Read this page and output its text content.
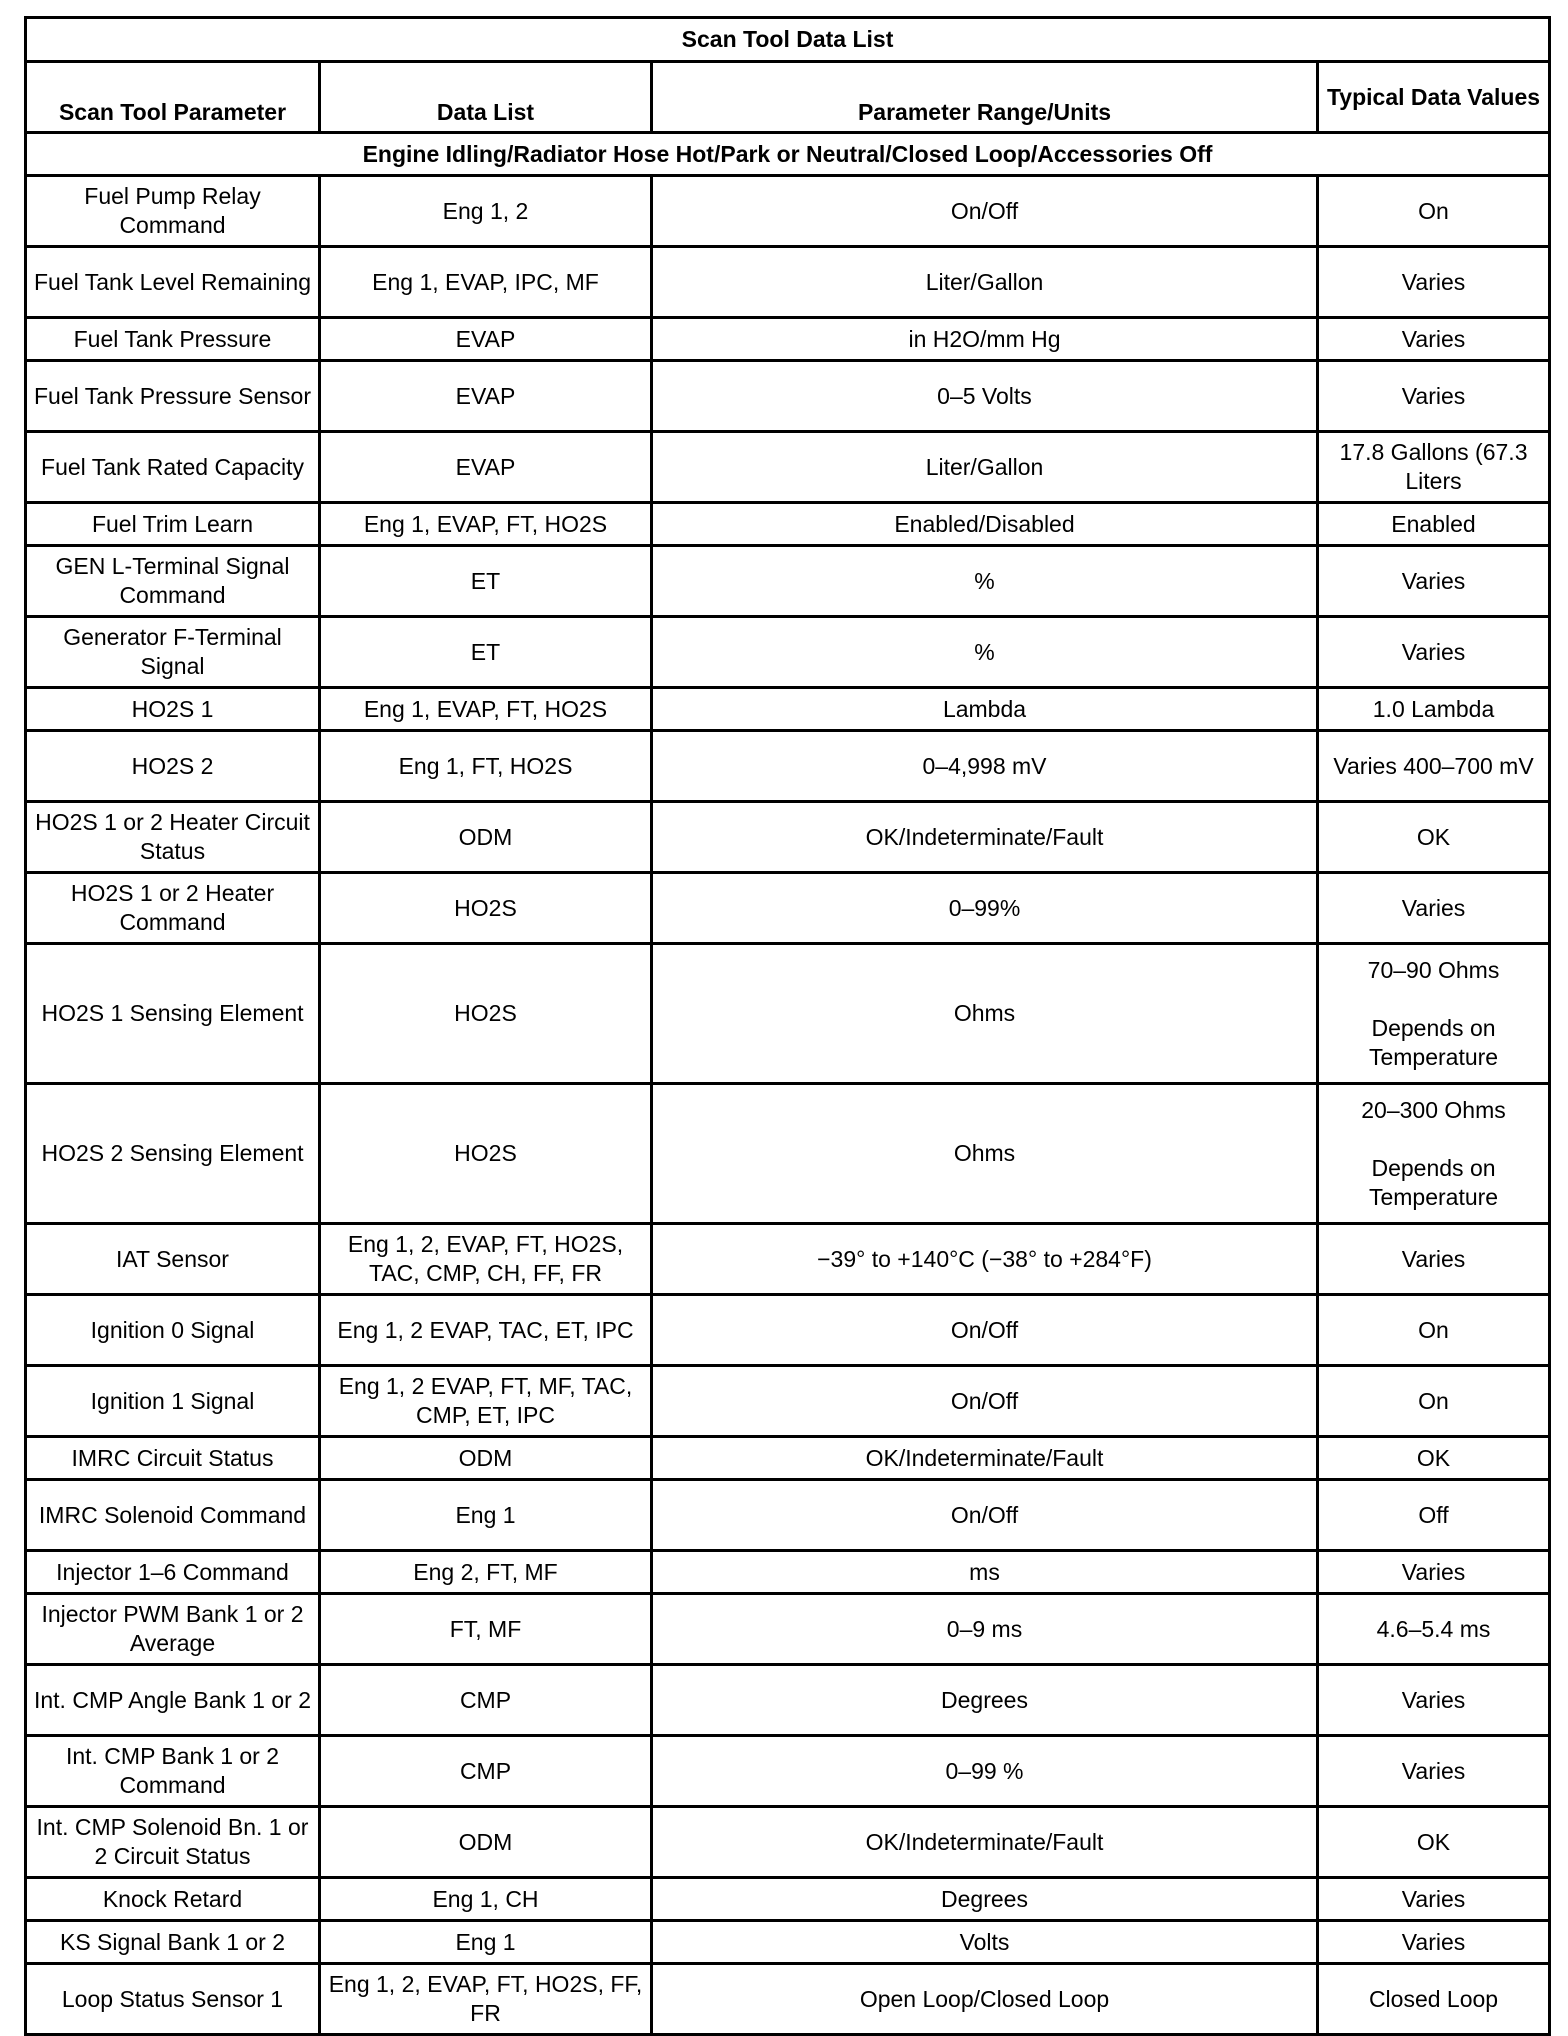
Scan Tool Data List			
Scan Tool Parameter	Data List	Parameter Range/Units	Typical Data Values
Engine Idling/Radiator Hose Hot/Park or Neutral/Closed Loop/Accessories Off			
Fuel Pump Relay Command	Eng 1, 2	On/Off	On
Fuel Tank Level Remaining	Eng 1, EVAP, IPC, MF	Liter/Gallon	Varies
Fuel Tank Pressure	EVAP	in H2O/mm Hg	Varies
Fuel Tank Pressure Sensor	EVAP	0–5 Volts	Varies
Fuel Tank Rated Capacity	EVAP	Liter/Gallon	17.8 Gallons (67.3 Liters
Fuel Trim Learn	Eng 1, EVAP, FT, HO2S	Enabled/Disabled	Enabled
GEN L-Terminal Signal Command	ET	%	Varies
Generator F-Terminal Signal	ET	%	Varies
HO2S 1	Eng 1, EVAP, FT, HO2S	Lambda	1.0 Lambda
HO2S 2	Eng 1, FT, HO2S	0–4,998 mV	Varies 400–700 mV
HO2S 1 or 2 Heater Circuit Status	ODM	OK/Indeterminate/Fault	OK
HO2S 1 or 2 Heater Command	HO2S	0–99%	Varies
HO2S 1 Sensing Element	HO2S	Ohms	70–90 Ohms
Depends on Temperature

HO2S 2 Sensing Element	HO2S	Ohms	20–300 Ohms
Depends on Temperature

IAT Sensor	Eng 1, 2, EVAP, FT, HO2S, TAC, CMP, CH, FF, FR	−39° to +140°C (−38° to +284°F)	Varies
Ignition 0 Signal	Eng 1, 2 EVAP, TAC, ET, IPC	On/Off	On
Ignition 1 Signal	Eng 1, 2 EVAP, FT, MF, TAC, CMP, ET, IPC	On/Off	On
IMRC Circuit Status	ODM	OK/Indeterminate/Fault	OK
IMRC Solenoid Command	Eng 1	On/Off	Off
Injector 1–6 Command	Eng 2, FT, MF	ms	Varies
Injector PWM Bank 1 or 2 Average	FT, MF	0–9 ms	4.6–5.4 ms
Int. CMP Angle Bank 1 or 2	CMP	Degrees	Varies
Int. CMP Bank 1 or 2 Command	CMP	0–99 %	Varies
Int. CMP Solenoid Bn. 1 or 2 Circuit Status	ODM	OK/Indeterminate/Fault	OK
Knock Retard	Eng 1, CH	Degrees	Varies
KS Signal Bank 1 or 2	Eng 1	Volts	Varies
Loop Status Sensor 1	Eng 1, 2, EVAP, FT, HO2S, FF, FR	Open Loop/Closed Loop	Closed Loop
